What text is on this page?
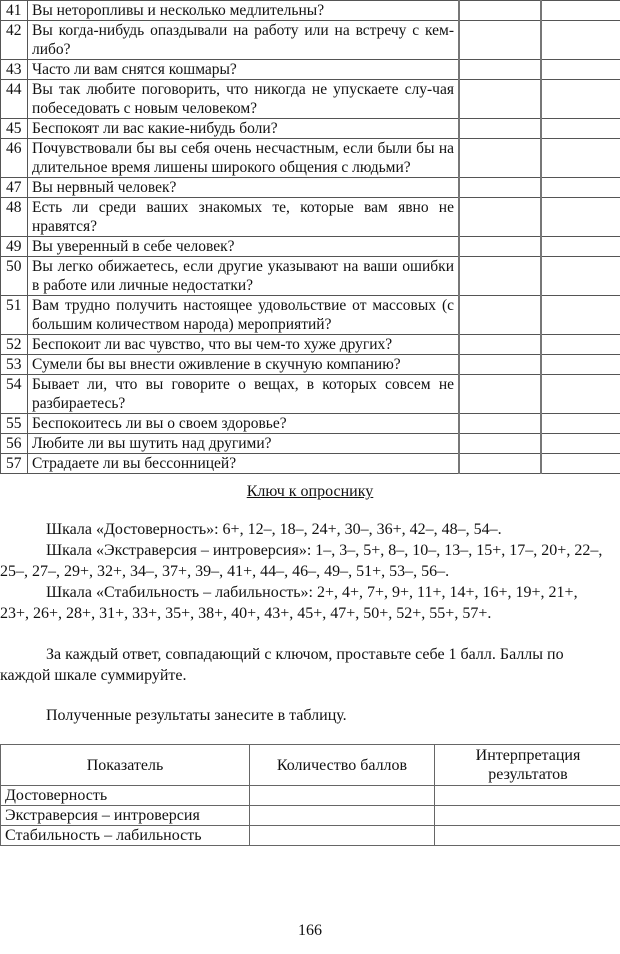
41	Вы неторопливы и несколько медлительны?		
42	Вы когда-нибудь опаздывали на работу или на встречу с кем-либо?		
43	Часто ли вам снятся кошмары?		
44	Вы так любите поговорить, что никогда не упускаете слу-чая побеседовать с новым человеком?		
45	Беспокоят ли вас какие-нибудь боли?		
46	Почувствовали бы вы себя очень несчастным, если были бы на длительное время лишены широкого общения с людьми?		
47	Вы нервный человек?		
48	Есть ли среди ваших знакомых те, которые вам явно не нравятся?		
49	Вы уверенный в себе человек?		
50	Вы легко обижаетесь, если другие указывают на ваши ошибки в работе или личные недостатки?		
51	Вам трудно получить настоящее удовольствие от массовых (с большим количеством народа) мероприятий?		
52	Беспокоит ли вас чувство, что вы чем-то хуже других?		
53	Сумели бы вы внести оживление в скучную компанию?		
54	Бывает ли, что вы говорите о вещах, в которых совсем не разбираетесь?		
55	Беспокоитесь ли вы о своем здоровье?		
56	Любите ли вы шутить над другими?		
57	Страдаете ли вы бессонницей?		
Ключ к опроснику

Шкала «Достоверность»: 6+, 12–, 18–, 24+, 30–, 36+, 42–, 48–, 54–.

Шкала «Экстраверсия – интроверсия»: 1–, 3–, 5+, 8–, 10–, 13–, 15+, 17–, 20+, 22–, 25–, 27–, 29+, 32+, 34–, 37+, 39–, 41+, 44–, 46–, 49–, 51+, 53–, 56–.

Шкала «Стабильность – лабильность»: 2+, 4+, 7+, 9+, 11+, 14+, 16+, 19+, 21+, 23+, 26+, 28+, 31+, 33+, 35+, 38+, 40+, 43+, 45+, 47+, 50+, 52+, 55+, 57+.

За каждый ответ, совпадающий с ключом, проставьте себе 1 балл. Баллы по каждой шкале суммируйте.

Полученные результаты занесите в таблицу.

Показатель	Количество баллов	Интерпретация результатов
Достоверность		
Экстраверсия – интроверсия		
Стабильность – лабильность		
166
